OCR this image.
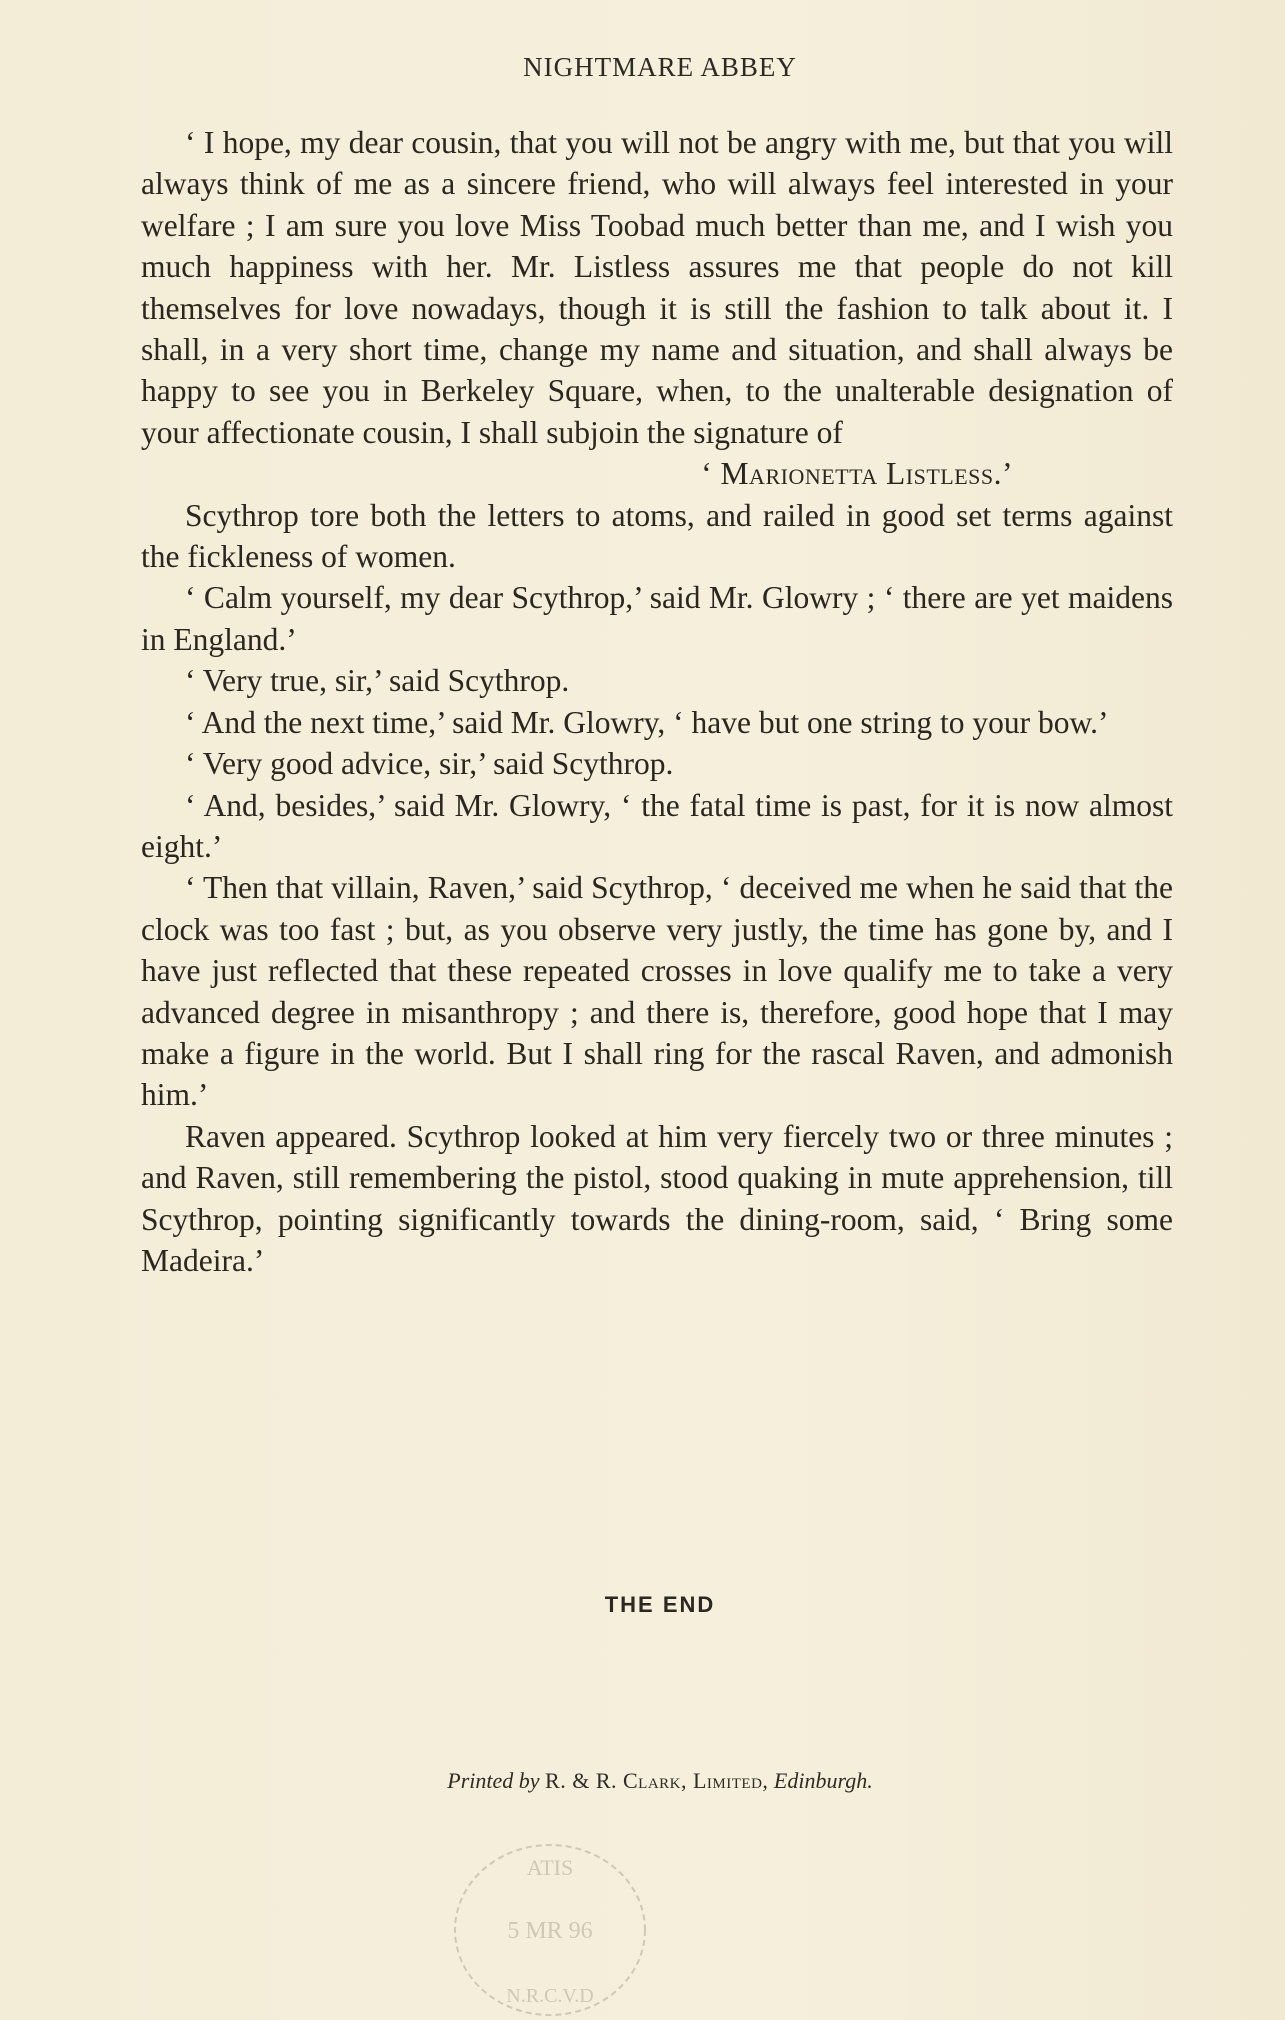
NIGHTMARE ABBEY

‘ I hope, my dear cousin, that you will not be angry with me, but that you will always think of me as a sincere friend, who will always feel interested in your welfare ; I am sure you love Miss Toobad much better than me, and I wish you much happiness with her. Mr. Listless assures me that people do not kill themselves for love nowadays, though it is still the fashion to talk about it. I shall, in a very short time, change my name and situation, and shall always be happy to see you in Berkeley Square, when, to the unalterable designation of your affectionate cousin, I shall subjoin the signature of

‘ Marionetta Listless.’

Scythrop tore both the letters to atoms, and railed in good set terms against the fickleness of women.

‘ Calm yourself, my dear Scythrop,’ said Mr. Glowry ; ‘ there are yet maidens in England.’

‘ Very true, sir,’ said Scythrop.

‘ And the next time,’ said Mr. Glowry, ‘ have but one string to your bow.’

‘ Very good advice, sir,’ said Scythrop.

‘ And, besides,’ said Mr. Glowry, ‘ the fatal time is past, for it is now almost eight.’

‘ Then that villain, Raven,’ said Scythrop, ‘ deceived me when he said that the clock was too fast ; but, as you observe very justly, the time has gone by, and I have just reflected that these repeated crosses in love qualify me to take a very advanced degree in misanthropy ; and there is, therefore, good hope that I may make a figure in the world. But I shall ring for the rascal Raven, and admonish him.’

Raven appeared. Scythrop looked at him very fiercely two or three minutes ; and Raven, still remembering the pistol, stood quaking in mute apprehension, till Scythrop, pointing significantly towards the dining-room, said, ‘ Bring some Madeira.’

THE END
Printed by R. & R. Clark, Limited, Edinburgh.
ATIS
5 MR 96
N.R.C.V.D
